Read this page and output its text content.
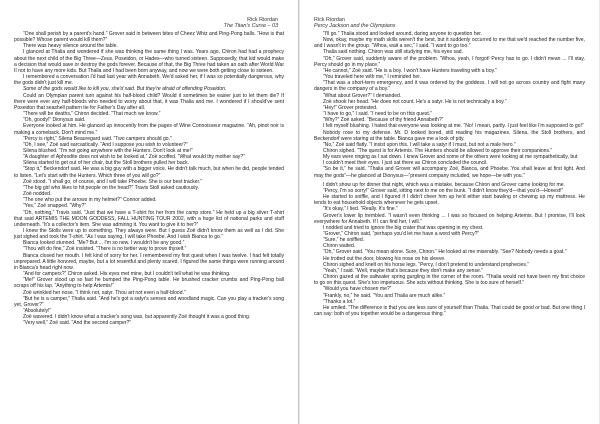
Rick Riordan
The Titan's Curse – 03

“One shall perish by a parent's hand.” Grover said in between bites of Cheez Whiz and Ping-Pong balls. “How is that possible? Whose parent would kill them?”

There was heavy silence around the table.

I glanced at Thalia and wondered if she was thinking the same thing I was. Years ago, Chiron had had a prophecy about the next child of the Big Three—Zeus, Poseidon, or Hades—who turned sixteen. Supposedly, that kid would make a decision that would save or destroy the gods forever. Because of that, the Big Three had taken an oath after World War II not to have any more kids. But Thalia and I had been born anyway, and now we were both getting close to sixteen.

I remembered a conversation I'd had last year with Annabeth. We'd asked her, if I was so potentially dangerous, why the gods didn't just kill me.

Some of the gods would like to kill you, she'd said. But they're afraid of offending Poseidon.

Could an Olympian parent turn against his half-blood child? Would it sometimes be easier just to let them die? If there were ever any half-bloods who needed to worry about that, it was Thalia and me. I wondered if I should've sent Poseidon that seashell pattern tie for Father's Day after all.

“There will be deaths,” Chiron decided. “That much we know.”

“Oh, goody!” Dionysus said.

Everyone looked at him. He glanced up innocently from the pages of Wine Connoisseur magazine. “Ah, pinot noir is making a comeback. Don't mind me.”

“Percy is right,” Silena Beauregard said. “Two campers should go.”

“Oh, I see,” Zoë said sarcastically. “And I suppose you wish to volunteer?”

Silena blushed. “I'm not going anywhere with the Hunters. Don't look at me!”

“A daughter of Aphrodite does not wish to be looked at,” Zoë scoffed. “What would thy mother say?”

Silena started to get out of her chair, but the Stoll brothers pulled her back.

“Stop it,” Beckendorf said. He was a big guy with a bigger voice. He didn't talk much, but when he did, people tended to listen. “Let's start with the Hunters. Which three of you will go?”

Zoë stood. “I shall go, of course, and I will take Phoebe. She is our best tracker.”

“The big girl who likes to hit people on the head?” Travis Stoll asked cautiously.

Zoë nodded.

“The one who put the arrows in my helmet?” Connor added.

“Yes,” Zoë snapped. “Why?”

“Oh, nothing,” Travis said. “Just that we have a T-shirt for her from the camp store.” He held up a big silver T-shirt that said ARTEMIS THE MOON GODDESS, FALL HUNTING TOUR 2002, with a huge list of national parks and stuff underneath. “It's a collector's item. She was admiring it. You want to give it to her?”

I knew the Stolls were up to something. They always were. But I guess Zoë didn't know them as well as I did. She just sighed and took the T-shirt. “As I was saying, I will take Phoebe. And I wish Bianca to go.”

Bianca looked stunned. “Me? But ... I'm so new. I wouldn't be any good.”

“Thou wilt do fine,” Zoë insisted. “There is no better way to prove thyself.”

Bianca closed her mouth. I felt kind of sorry for her. I remembered my first quest when I was twelve. I had felt totally unprepared. A little honored, maybe, but a lot resentful and plenty scared. I figured the same things were running around in Bianca's head right now.

“And for campers?” Chiron asked. His eyes met mine, but I couldn't tell what he was thinking.

“Me!” Grover stood up so fast he bumped the Ping-Pong table. He brushed cracker crumbs and Ping-Pong ball scraps off his lap. “Anything to help Artemis!”

Zoë wrinkled her nose. “I think not, satyr. Thou art not even a half-blood.”

“But he is a camper,” Thalia said. “And he's got a satyr's senses and woodland magic. Can you play a tracker's song yet, Grover?”

“Absolutely!”

Zoë wavered. I didn't know what a tracker's song was, but apparently Zoë thought it was a good thing.

“Very well,” Zoë said. “And the second camper?”

Rick Riordan
Percy Jackson and the Olympians

“I'll go.” Thalia stood and looked around, daring anyone to question her.

Now, okay, maybe my math skills weren't the best, but it suddenly occurred to me that we'd reached the number five, and I wasn't in the group. “Whoa, wait a sec,” I said. “I want to go too.”

Thalia said nothing. Chiron was still studying me, his eyes sad.

“Oh,” Grover said, suddenly aware of the problem. “Whoa, yeah, I forgot! Percy has to go. I didn't mean ... I'll stay. Percy should go in my place.”

“He cannot,” Zoë said. “He is a boy. I won't have Hunters traveling with a boy.”

“You traveled here with me,” I reminded her.

“That was a short-term emergency, and it was ordered by the goddess. I will not go across country and fight many dangers in the company of a boy.”

“What about Grover?” I demanded.

Zoë shook her head. “He does not count. He's a satyr. He is not technically a boy.”

“Hey!” Grover protested.

“I have to go,” I said. “I need to be on this quest.”

“Why?” Zoë asked. “Because of thy friend Annabeth?”

I felt myself blushing. I hated that everyone was looking at me. “No! I mean, partly. I just feel like I'm supposed to go!”

Nobody rose to my defense. Mr. D looked bored, still reading his magazines. Silena, the Stoll brothers, and Beckendorf were staring at the table. Bianca gave me a look of pity.

“No,” Zoë said flatly. “I insist upon this. I will take a satyr if I must, but not a male hero.”

Chiron sighed. “The quest is for Artemis. The Hunters should be allowed to approve their companions.”

My ears were ringing as I sat down. I knew Grover and some of the others were looking at me sympathetically, but

I couldn't meet their eyes. I just sat there as Chiron concluded the council.

“So be it,” he said. “Thalia and Grover will accompany Zoë, Bianca, and Phoebe. You shall leave at first light. And may the gods”—he glanced at Dionysus—“present company included, we hope—be with you.”

I didn't show up for dinner that night, which was a mistake, because Chiron and Grover came looking for me.

“Percy, I'm so sorry!” Grover said, sitting next to me on the bunk. “I didn't know they'd—that you'd—Honest!”

He started to sniffle, and I figured if I didn't cheer him up he'd either start bawling or chewing up my mattress. He tends to eat household objects whenever he gets upset.

“It's okay,” I lied. “Really. It's fine.”

Grover's lower lip trembled. “I wasn't even thinking ... I was so focused on helping Artemis. But I promise, I'll look everywhere for Annabeth. If I can find her, I will.”

I nodded and tried to ignore the big crater that was opening in my chest.

“Grover,” Chiron said, “perhaps you'd let me have a word with Percy?”

“Sure,” he sniffled.

Chiron waited.

“Oh,” Grover said. “You mean alone. Sure, Chiron.” He looked at me miserably. “See? Nobody needs a goat.”

He trotted out the door, blowing his nose on his sleeve.

Chiron sighed and knelt on his horse legs. “Percy, I don't pretend to understand prophecies.”

“Yeah,” I said. “Well, maybe that's because they don't make any sense.”

Chiron gazed at the saltwater spring gurgling in the corner of the room. “Thalia would not have been my first choice to go on this quest. She's too impetuous. She acts without thinking. She is too sure of herself.”

“Would you have chosen me?”

“Frankly, no,” he said. “You and Thalia are much alike.”

“Thanks a lot.”

He smiled. “The difference is that you are less sure of yourself than Thalia. That could be good or bad. But one thing I can say: both of you together would be a dangerous thing.”
